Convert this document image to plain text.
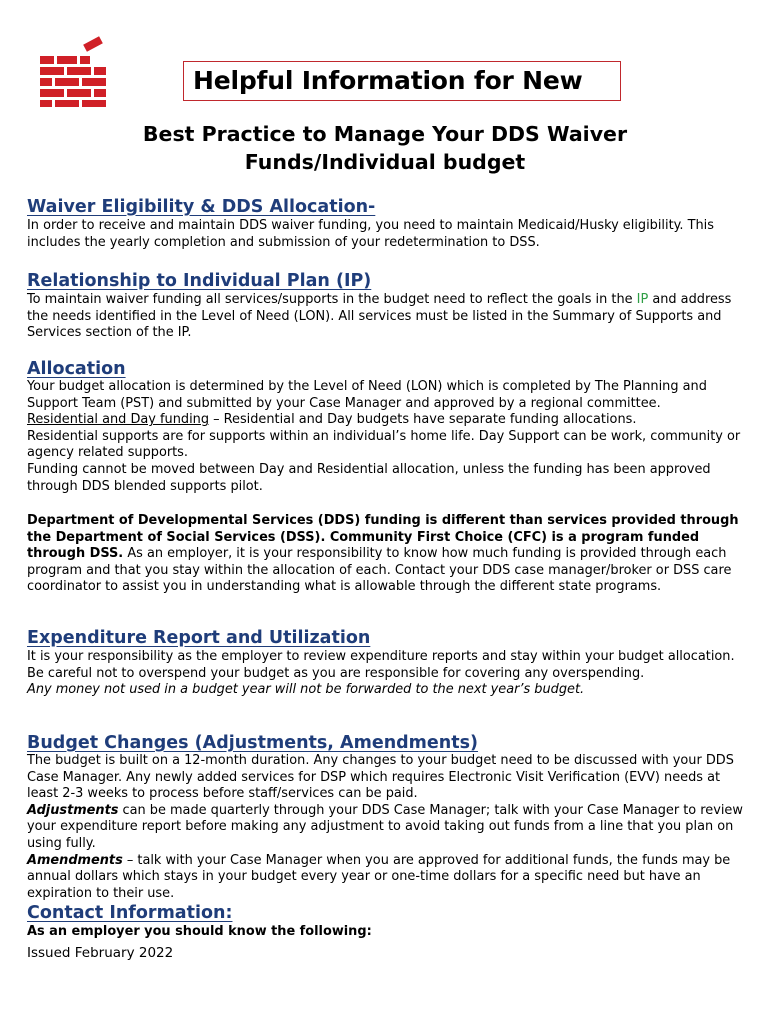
Helpful Information for New
Best Practice to Manage Your DDS Waiver
Funds/Individual budget
Waiver Eligibility & DDS Allocation-
In order to receive and maintain DDS waiver funding, you need to maintain Medicaid/Husky eligibility. This includes the yearly completion and submission of your redetermination to DSS.
Relationship to Individual Plan (IP)
To maintain waiver funding all services/supports in the budget need to reflect the goals in the IP and address the needs identified in the Level of Need (LON). All services must be listed in the Summary of Supports and Services section of the IP.
Allocation
Your budget allocation is determined by the Level of Need (LON) which is completed by The Planning and Support Team (PST) and submitted by your Case Manager and approved by a regional committee.
Residential and Day funding – Residential and Day budgets have separate funding allocations.
Residential supports are for supports within an individual’s home life. Day Support can be work, community or agency related supports.
Funding cannot be moved between Day and Residential allocation, unless the funding has been approved through DDS blended supports pilot.
Department of Developmental Services (DDS) funding is different than services provided through the Department of Social Services (DSS). Community First Choice (CFC) is a program funded through DSS. As an employer, it is your responsibility to know how much funding is provided through each program and that you stay within the allocation of each. Contact your DDS case manager/broker or DSS care coordinator to assist you in understanding what is allowable through the different state programs.
Expenditure Report and Utilization
It is your responsibility as the employer to review expenditure reports and stay within your budget allocation.
Be careful not to overspend your budget as you are responsible for covering any overspending.
Any money not used in a budget year will not be forwarded to the next year’s budget.
Budget Changes (Adjustments, Amendments)
The budget is built on a 12-month duration. Any changes to your budget need to be discussed with your DDS Case Manager. Any newly added services for DSP which requires Electronic Visit Verification (EVV) needs at least 2-3 weeks to process before staff/services can be paid.
Adjustments can be made quarterly through your DDS Case Manager; talk with your Case Manager to review your expenditure report before making any adjustment to avoid taking out funds from a line that you plan on using fully.
Amendments – talk with your Case Manager when you are approved for additional funds, the funds may be annual dollars which stays in your budget every year or one-time dollars for a specific need but have an expiration to their use.
Contact Information:
As an employer you should know the following:
Issued February 2022
